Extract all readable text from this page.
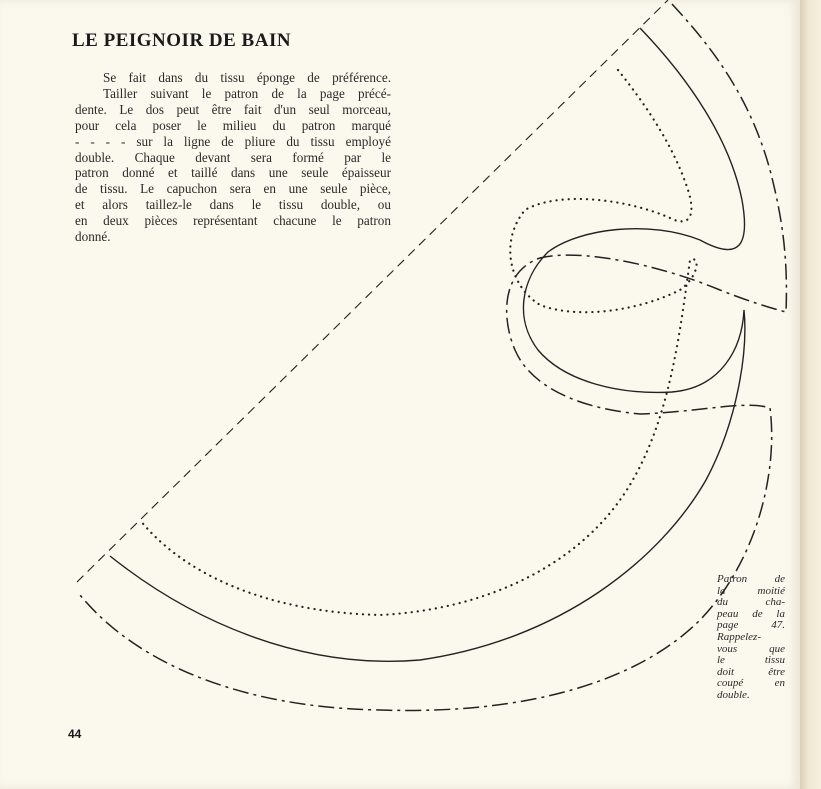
LE PEIGNOIR DE BAIN
Se fait dans du tissu éponge de préférence.
Tailler suivant le patron de la page précé-
dente. Le dos peut être fait d'un seul morceau,
pour cela poser le milieu du patron marqué
- - - - sur la ligne de pliure du tissu employé
double. Chaque devant sera formé par le
patron donné et taillé dans une seule épaisseur
de tissu. Le capuchon sera en une seule pièce,
et alors taillez-le dans le tissu double, ou
en deux pièces représentant chacune le patron
donné.
Patron de
la moitié
du cha-
peau de la
page 47.
Rappelez-
vous que
le tissu
doit être
coupé en
double.
44
